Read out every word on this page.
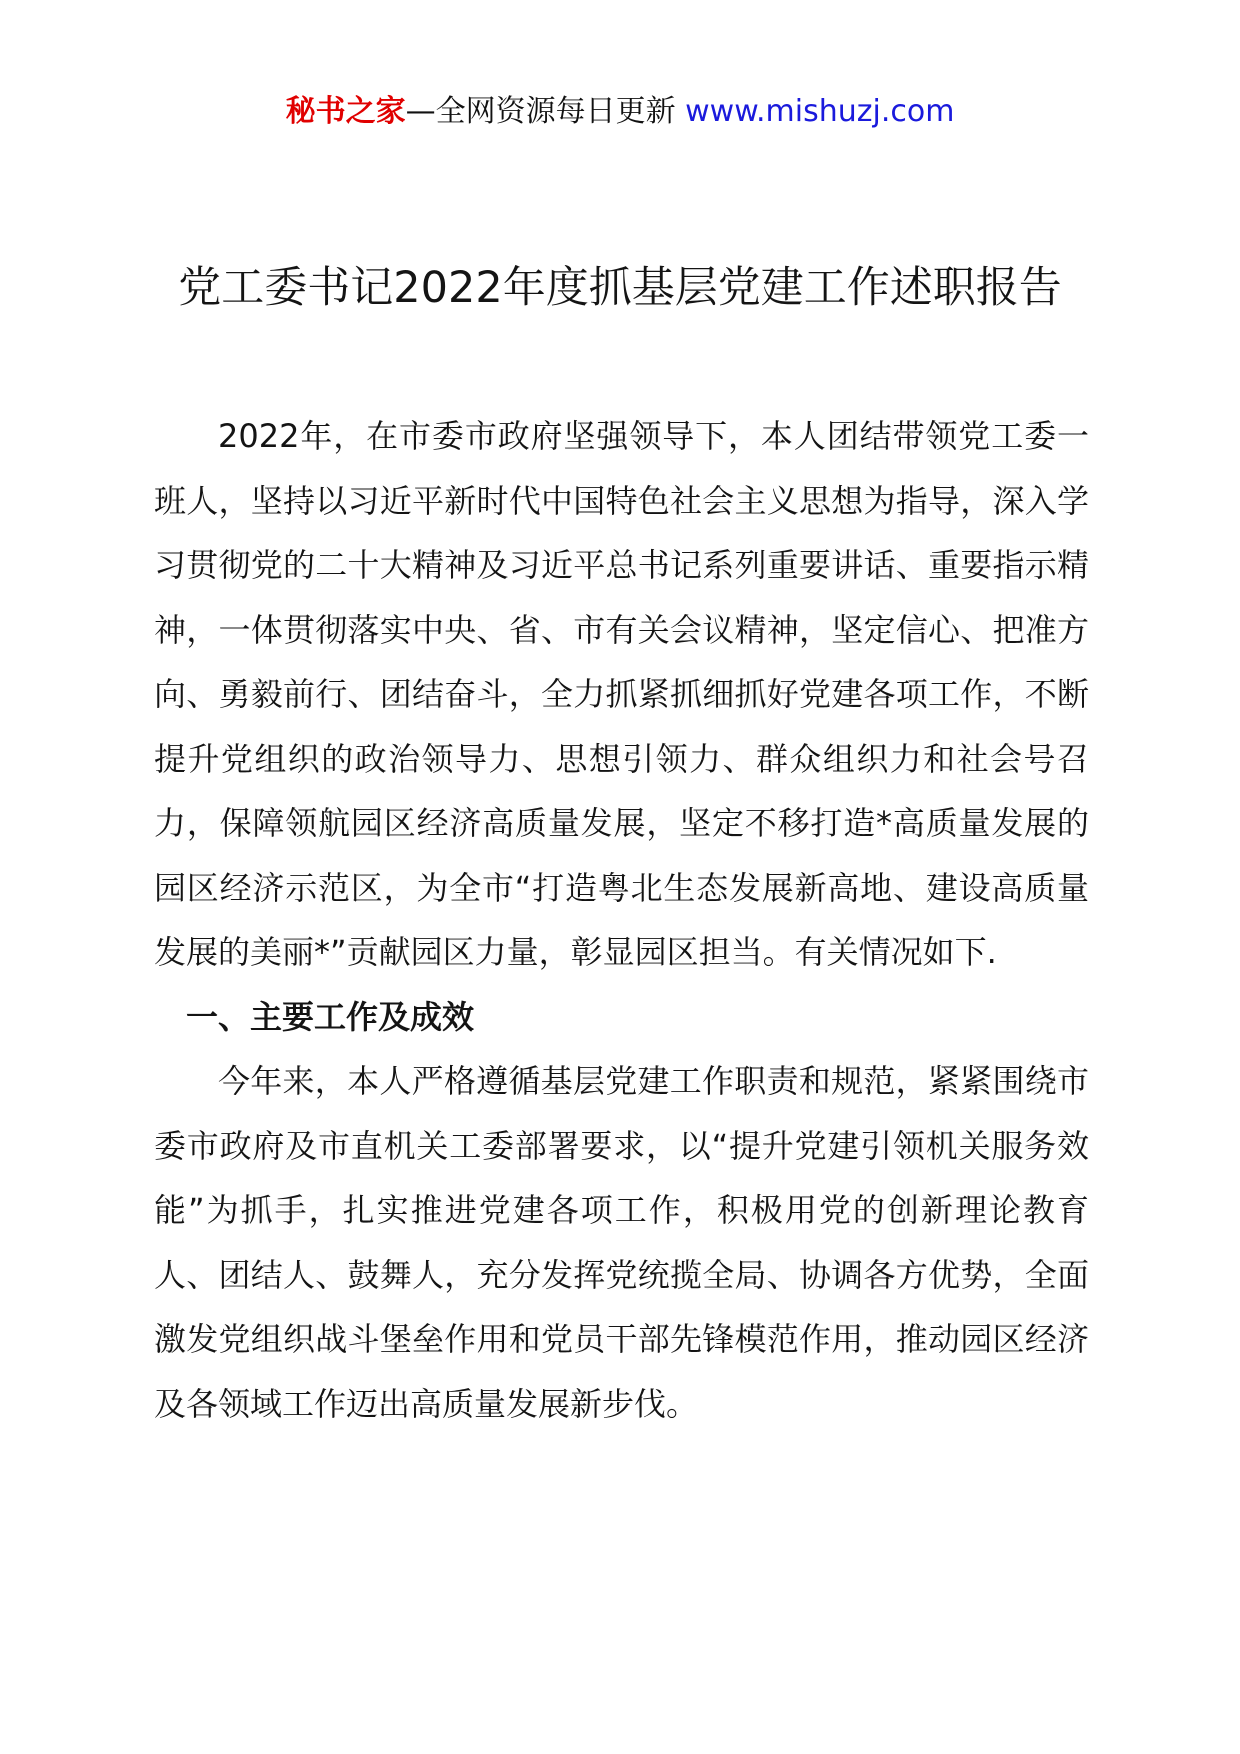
秘书之家—全网资源每日更新 www.mishuzj.com
党工委书记2022年度抓基层党建工作述职报告

2022年，在市委市政府坚强领导下，本人团结带领党工委一班人，坚持以习近平新时代中国特色社会主义思想为指导，深入学习贯彻党的二十大精神及习近平总书记系列重要讲话、重要指示精神，一体贯彻落实中央、省、市有关会议精神，坚定信心、把准方向、勇毅前行、团结奋斗，全力抓紧抓细抓好党建各项工作，不断提升党组织的政治领导力、思想引领力、群众组织力和社会号召力，保障领航园区经济高质量发展，坚定不移打造*高质量发展的园区经济示范区，为全市“打造粤北生态发展新高地、建设高质量发展的美丽*”贡献园区力量，彰显园区担当。有关情况如下.

一、主要工作及成效

今年来，本人严格遵循基层党建工作职责和规范，紧紧围绕市委市政府及市直机关工委部署要求，以“提升党建引领机关服务效能”为抓手，扎实推进党建各项工作，积极用党的创新理论教育人、团结人、鼓舞人，充分发挥党统揽全局、协调各方优势，全面激发党组织战斗堡垒作用和党员干部先锋模范作用，推动园区经济及各领域工作迈出高质量发展新步伐。
